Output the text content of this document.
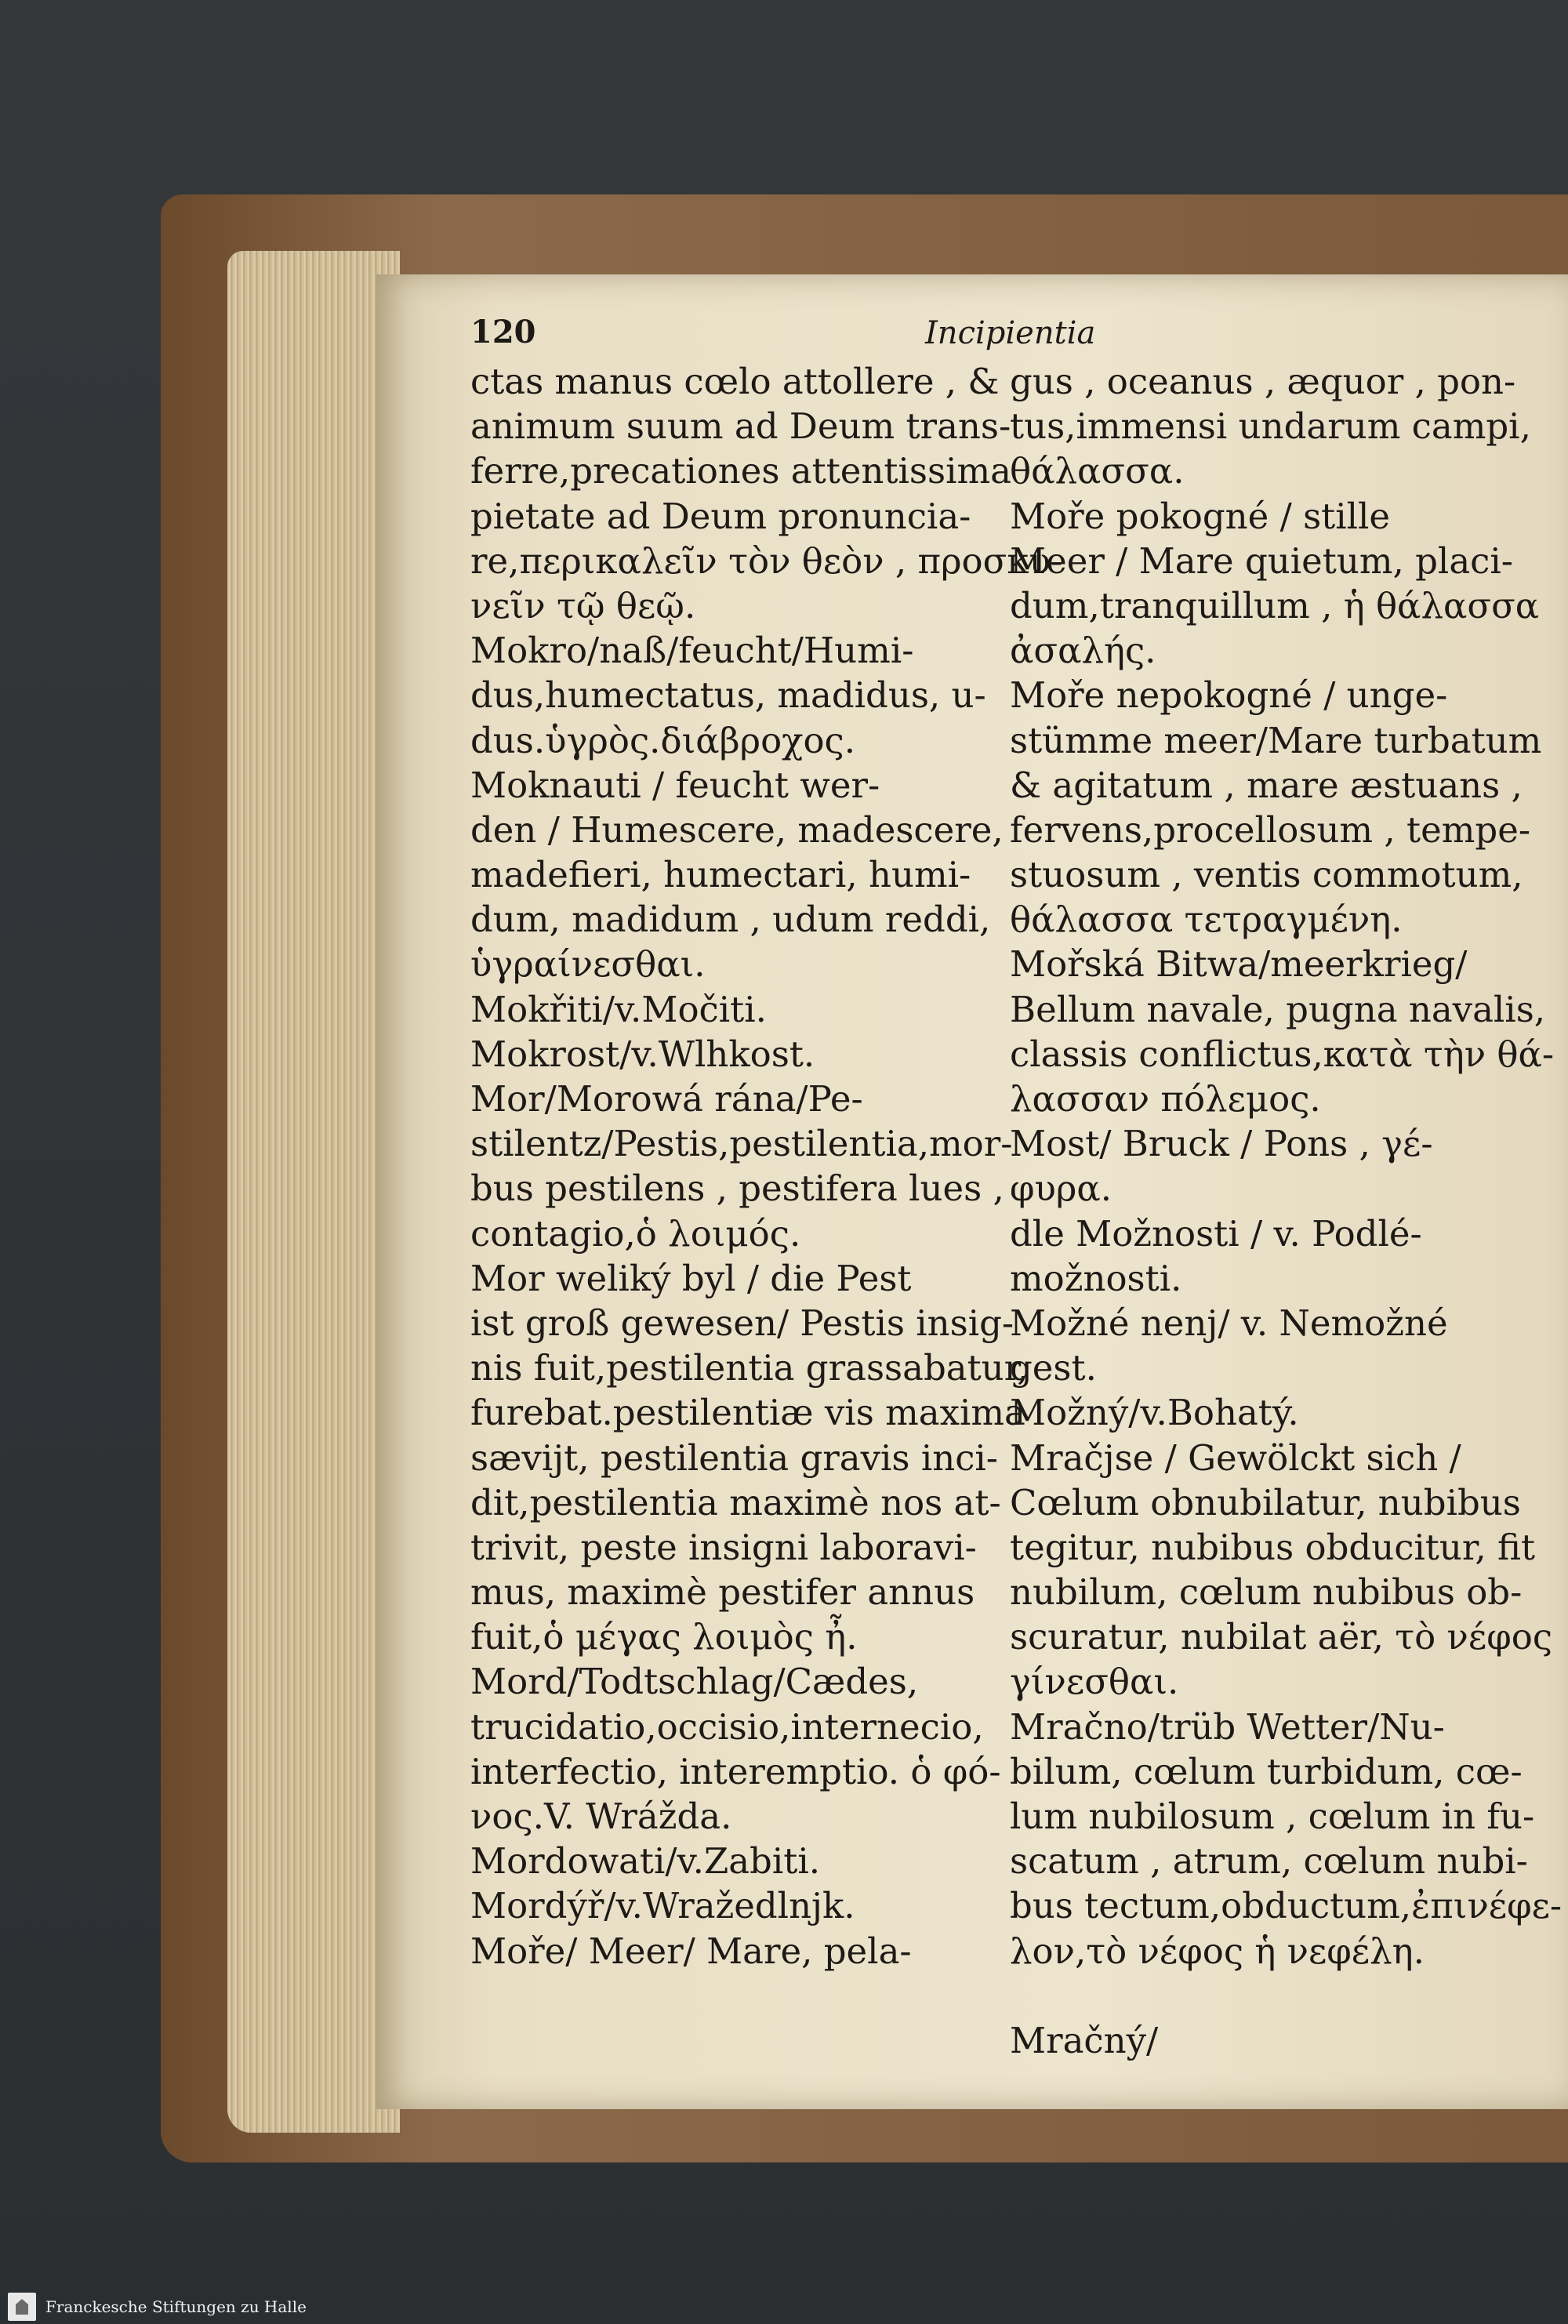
120	Incipientia
ctas manus cœlo attollere , &
animum suum ad Deum trans-
ferre,precationes attentissima
pietate ad Deum pronuncia-
re,περικαλεῖν τὸν θεὸν , προσκυ-
νεῖν τῷ θεῷ.
Mokro/naß/feucht/Humi-
dus,humectatus, madidus, u-
dus.ὑγρὸς.διάβροχος.
Moknauti / feucht wer-
den / Humescere, madescere,
madefieri, humectari, humi-
dum, madidum , udum reddi,
ὑγραίνεσθαι.
Mokřiti/v.Močiti.
Mokrost/v.Wlhkost.
Mor/Morowá rána/Pe-
stilentz/Pestis,pestilentia,mor-
bus pestilens , pestifera lues ,
contagio,ὁ λοιμός.
Mor weliký byl / die Pest
ist groß gewesen/ Pestis insig-
nis fuit,pestilentia grassabatur,
furebat.pestilentiæ vis maxima
sævijt, pestilentia gravis inci-
dit,pestilentia maximè nos at-
trivit, peste insigni laboravi-
mus, maximè pestifer annus
fuit,ὁ μέγας λοιμὸς ἦ.
Mord/Todtschlag/Cædes,
trucidatio,occisio,internecio,
interfectio, interemptio. ὁ φό-
νος.V. Wrážda.
Mordowati/v.Zabiti.
Mordýř/v.Wražedlnjk.
Moře/ Meer/ Mare, pela-
gus , oceanus , æquor , pon-
tus,immensi undarum campi,
θάλασσα.
Moře pokogné / stille
Meer / Mare quietum, placi-
dum,tranquillum , ἡ θάλασσα
ἀσαλής.
Moře nepokogné / unge-
stümme meer/Mare turbatum
& agitatum , mare æstuans ,
fervens,procellosum , tempe-
stuosum , ventis commotum,
θάλασσα τετραγμένη.
Mořská Bitwa/meerkrieg/
Bellum navale, pugna navalis,
classis conflictus,κατὰ τὴν θά-
λασσαν πόλεμος.
Most/ Bruck / Pons , γέ-
φυρα.
dle Možnosti / v. Podlé-
možnosti.
Možné nenj/ v. Nemožné
gest.
Možný/v.Bohatý.
Mračjse / Gewölckt sich /
Cœlum obnubilatur, nubibus
tegitur, nubibus obducitur, fit
nubilum, cœlum nubibus ob-
scuratur, nubilat aër, τὸ νέφος
γίνεσθαι.
Mračno/trüb Wetter/Nu-
bilum, cœlum turbidum, cœ-
lum nubilosum , cœlum in fu-
scatum , atrum, cœlum nubi-
bus tectum,obductum,ἐπινέφε-
λον,τὸ νέφος ἡ νεφέλη.
Mračný/
Franckesche Stiftungen zu Halle
